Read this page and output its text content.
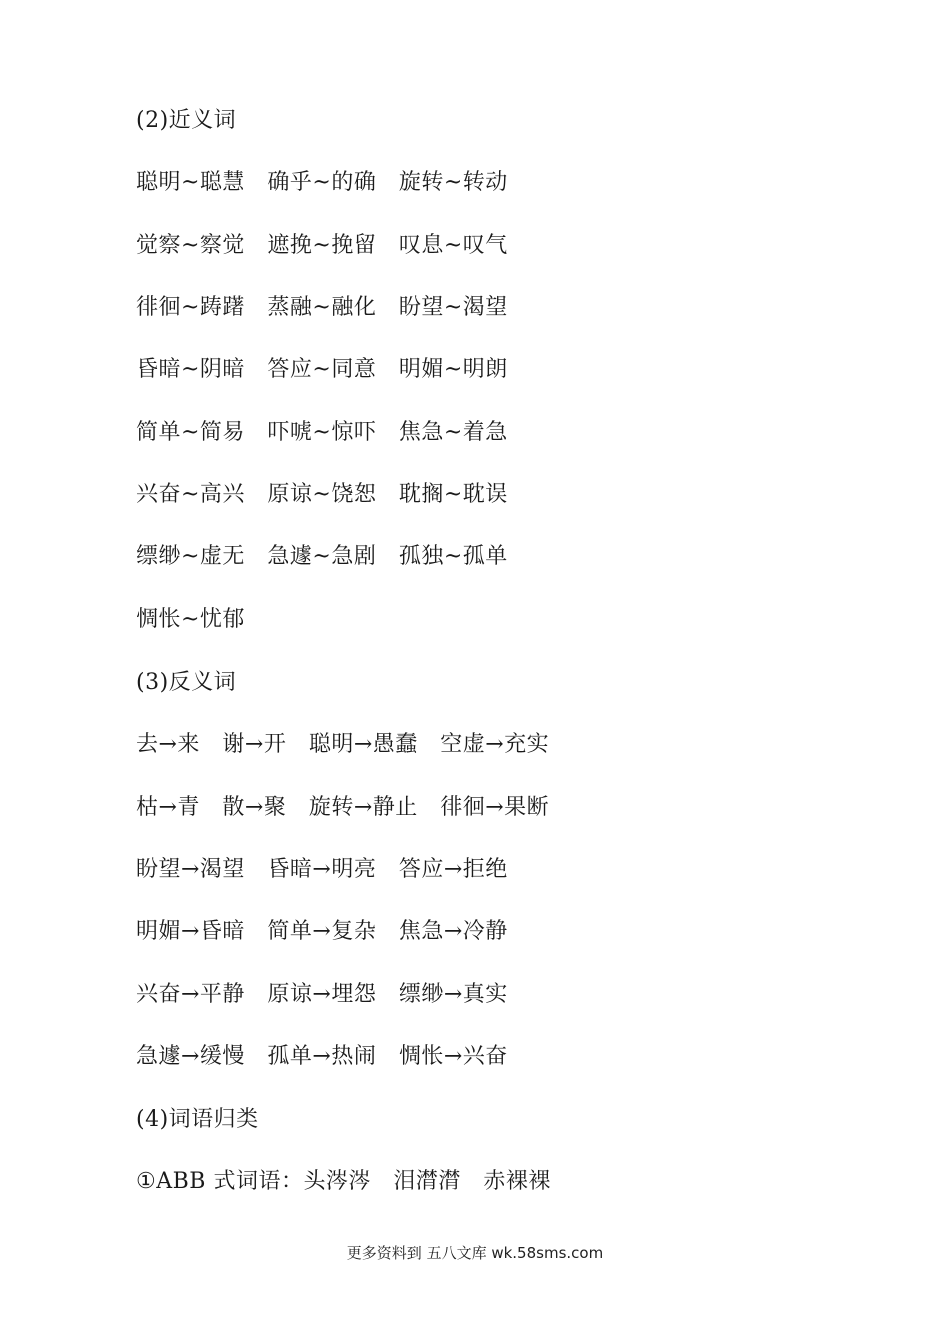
(2)近义词
聪明~聪慧   确乎~的确   旋转~转动
觉察~察觉   遮挽~挽留   叹息~叹气
徘徊~踌躇   蒸融~融化   盼望~渴望
昏暗~阴暗   答应~同意   明媚~明朗
简单~简易   吓唬~惊吓   焦急~着急
兴奋~高兴   原谅~饶恕   耽搁~耽误
缥缈~虚无   急遽~急剧   孤独~孤单
惆怅~忧郁
(3)反义词
去→来   谢→开   聪明→愚蠢   空虚→充实
枯→青   散→聚   旋转→静止   徘徊→果断
盼望→渴望   昏暗→明亮   答应→拒绝
明媚→昏暗   简单→复杂   焦急→冷静
兴奋→平静   原谅→埋怨   缥缈→真实
急遽→缓慢   孤单→热闹   惆怅→兴奋
(4)词语归类
①ABB 式词语：头涔涔   泪潸潸   赤裸裸
更多资料到 五八文库 wk.58sms.com
